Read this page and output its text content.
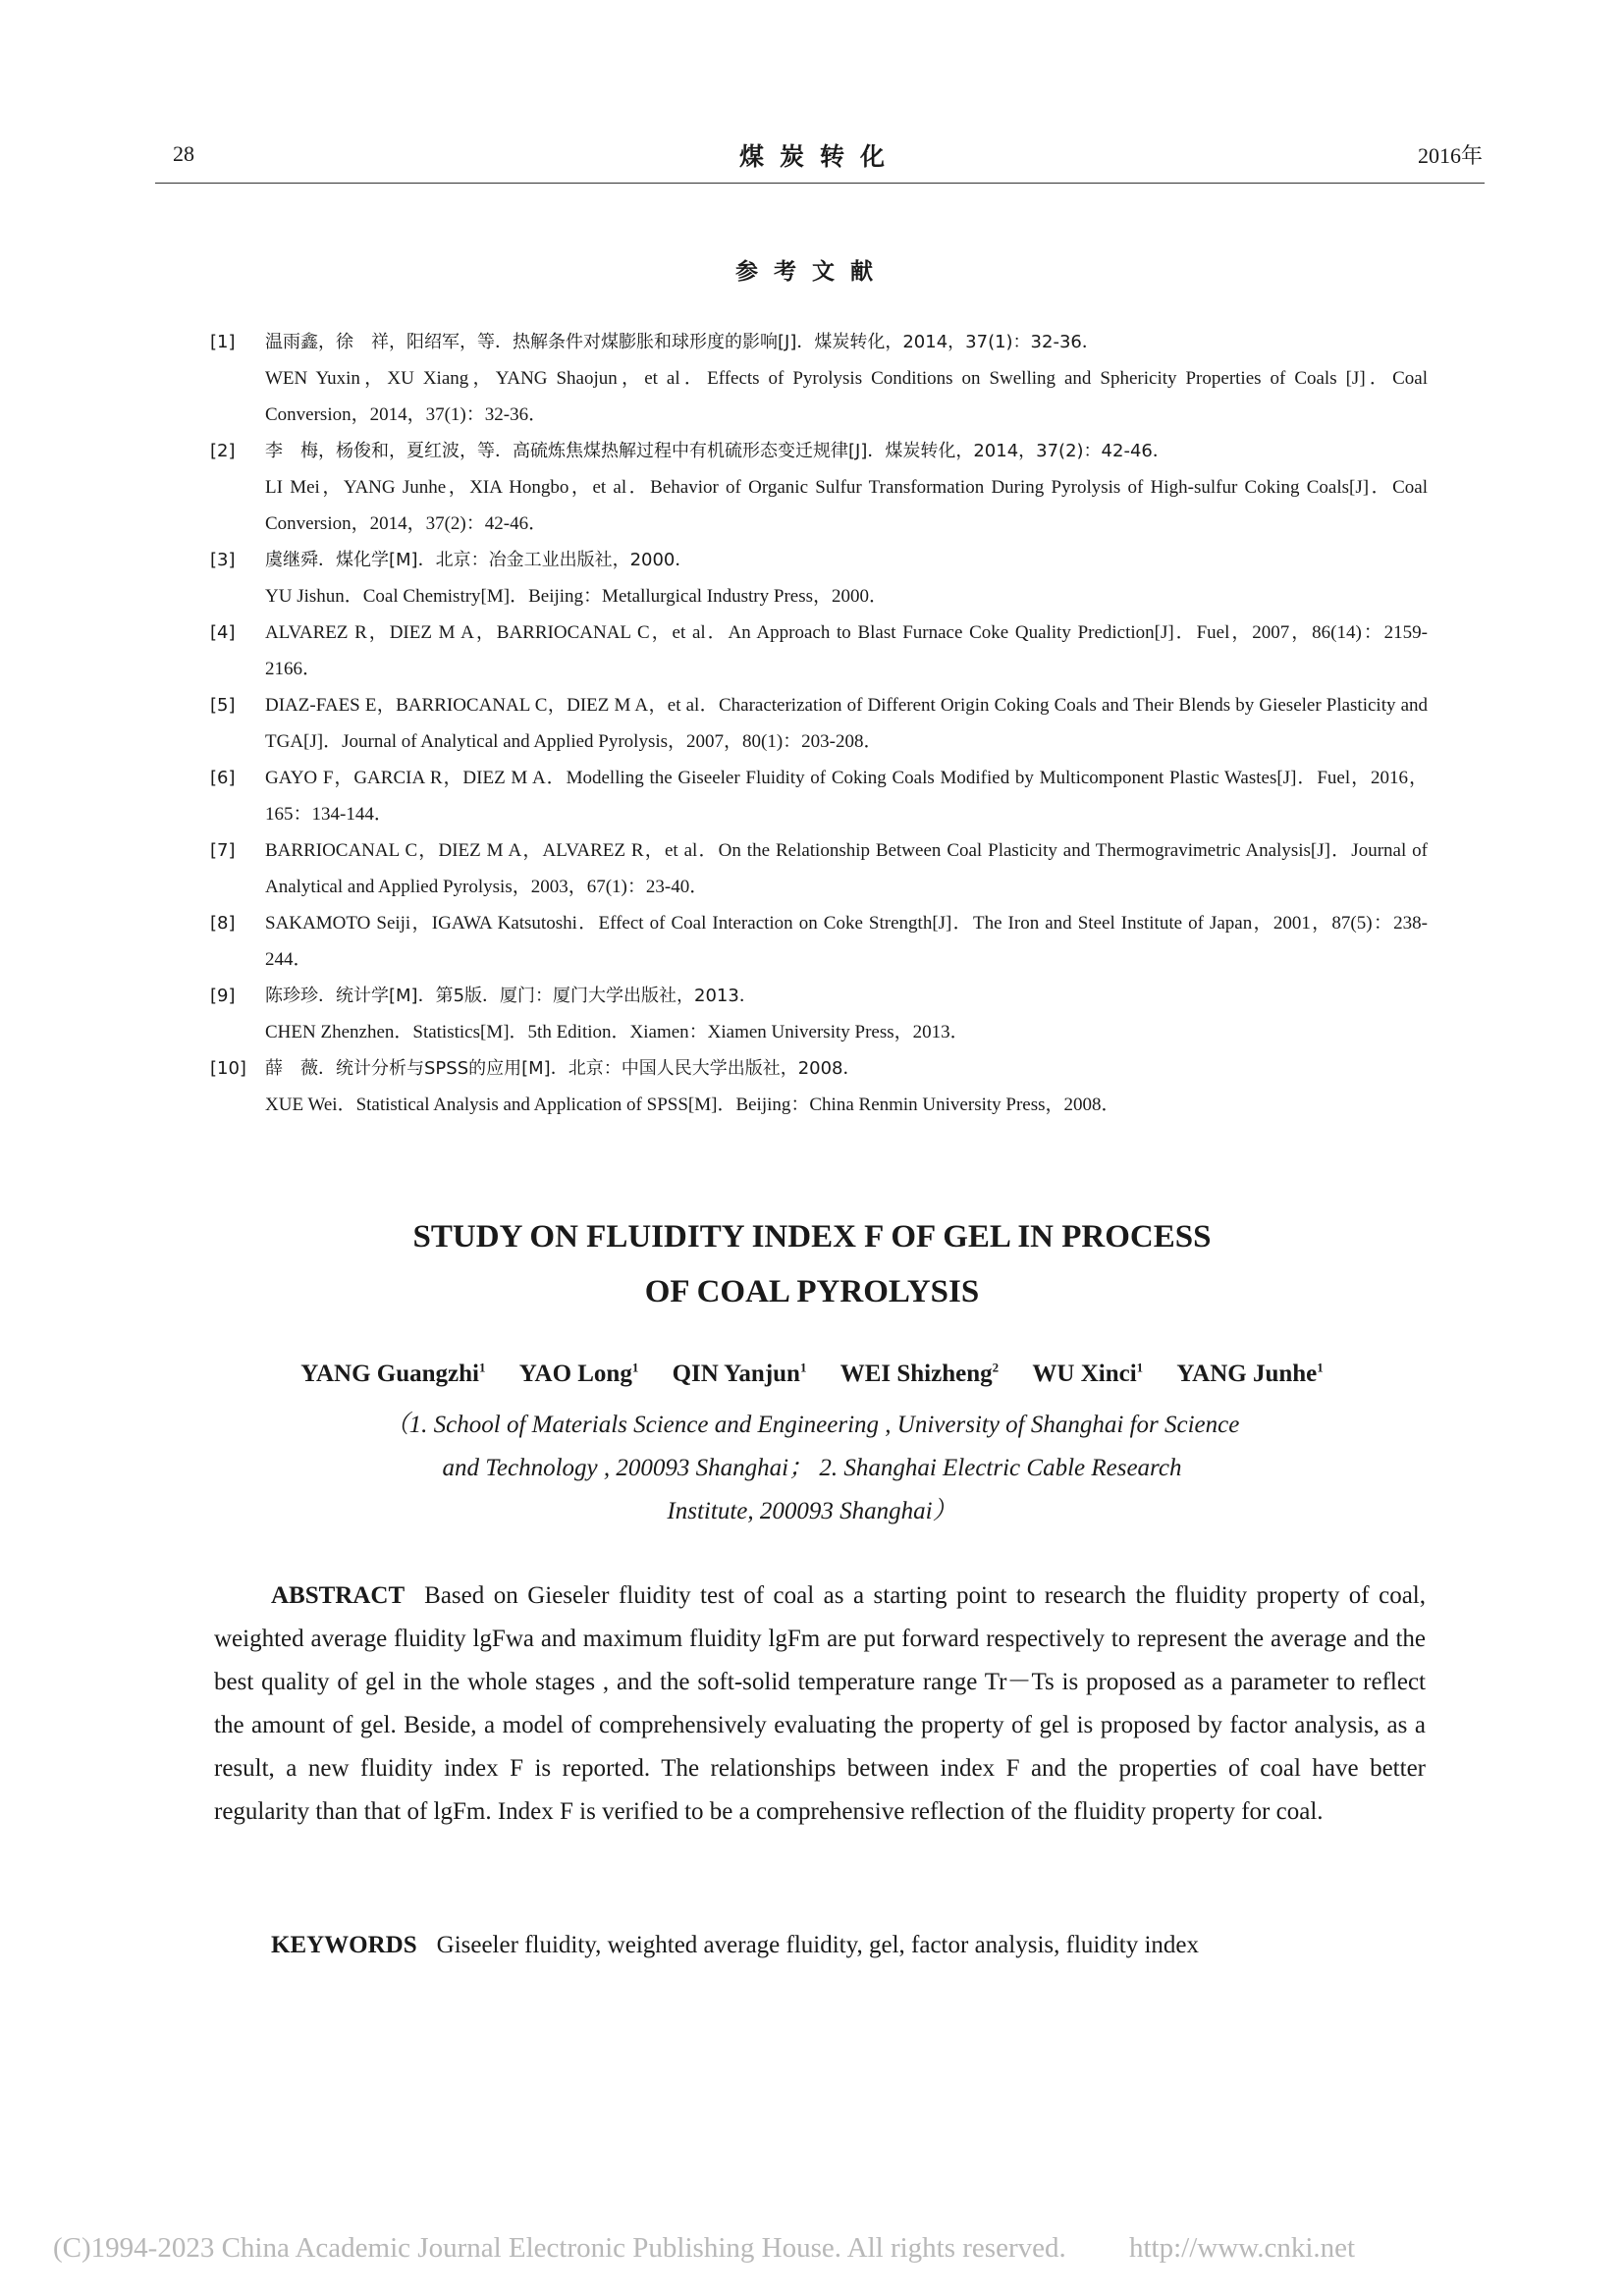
28	煤炭转化	2016年
参考文献
[1] 温雨鑫，徐　祥，阳绍军，等．热解条件对煤膨胀和球形度的影响[J]．煤炭转化，2014，37(1)：32-36．

WEN Yuxin，XU Xiang，YANG Shaojun，et al．Effects of Pyrolysis Conditions on Swelling and Sphericity Properties of Coals [J]．Coal Conversion，2014，37(1)：32-36．

[2] 李　梅，杨俊和，夏红波，等．高硫炼焦煤热解过程中有机硫形态变迁规律[J]．煤炭转化，2014，37(2)：42-46．

LI Mei，YANG Junhe，XIA Hongbo，et al．Behavior of Organic Sulfur Transformation During Pyrolysis of High-sulfur Coking Coals[J]．Coal Conversion，2014，37(2)：42-46．

[3] 虞继舜．煤化学[M]．北京：冶金工业出版社，2000．

YU Jishun．Coal Chemistry[M]．Beijing：Metallurgical Industry Press，2000．

[4] ALVAREZ R，DIEZ M A，BARRIOCANAL C，et al．An Approach to Blast Furnace Coke Quality Prediction[J]．Fuel，2007，86(14)：2159-2166．

[5] DIAZ-FAES E，BARRIOCANAL C，DIEZ M A，et al．Characterization of Different Origin Coking Coals and Their Blends by Gieseler Plasticity and TGA[J]．Journal of Analytical and Applied Pyrolysis，2007，80(1)：203-208．

[6] GAYO F，GARCIA R，DIEZ M A．Modelling the Giseeler Fluidity of Coking Coals Modified by Multicomponent Plastic Wastes[J]．Fuel，2016，165：134-144．

[7] BARRIOCANAL C，DIEZ M A，ALVAREZ R，et al．On the Relationship Between Coal Plasticity and Thermogravimetric Analysis[J]．Journal of Analytical and Applied Pyrolysis，2003，67(1)：23-40．

[8] SAKAMOTO Seiji，IGAWA Katsutoshi．Effect of Coal Interaction on Coke Strength[J]．The Iron and Steel Institute of Japan，2001，87(5)：238-244．

[9] 陈珍珍．统计学[M]．第5版．厦门：厦门大学出版社，2013．

CHEN Zhenzhen．Statistics[M]．5th Edition．Xiamen：Xiamen University Press，2013．

[10] 薛　薇．统计分析与SPSS的应用[M]．北京：中国人民大学出版社，2008．

XUE Wei．Statistical Analysis and Application of SPSS[M]．Beijing：China Renmin University Press，2008．

STUDY ON FLUIDITY INDEX F OF GEL IN PROCESS
OF COAL PYROLYSIS
YANG Guangzhi$^1$ YAO Long$^1$ QIN Yanjun$^1$ WEI Shizheng$^2$ WU Xinci$^1$ YANG Junhe$^1$
（1. School of Materials Science and Engineering , University of Shanghai for Science
and Technology , 200093 Shanghai； 2. Shanghai Electric Cable Research
Institute, 200093 Shanghai）

ABSTRACT Based on Gieseler fluidity test of coal as a starting point to research the fluidity property of coal, weighted average fluidity lgFwa and maximum fluidity lgFm are put forward respectively to represent the average and the best quality of gel in the whole stages , and the soft-solid temperature range Tr－Ts is proposed as a parameter to reflect the amount of gel. Beside, a model of comprehensively evaluating the property of gel is proposed by factor analysis, as a result, a new fluidity index F is reported. The relationships between index F and the properties of coal have better regularity than that of lgFm. Index F is verified to be a comprehensive reflection of the fluidity property for coal.

KEYWORDS Giseeler fluidity, weighted average fluidity, gel, factor analysis, fluidity index

(C)1994-2023 China Academic Journal Electronic Publishing House. All rights reserved. http://www.cnki.net
